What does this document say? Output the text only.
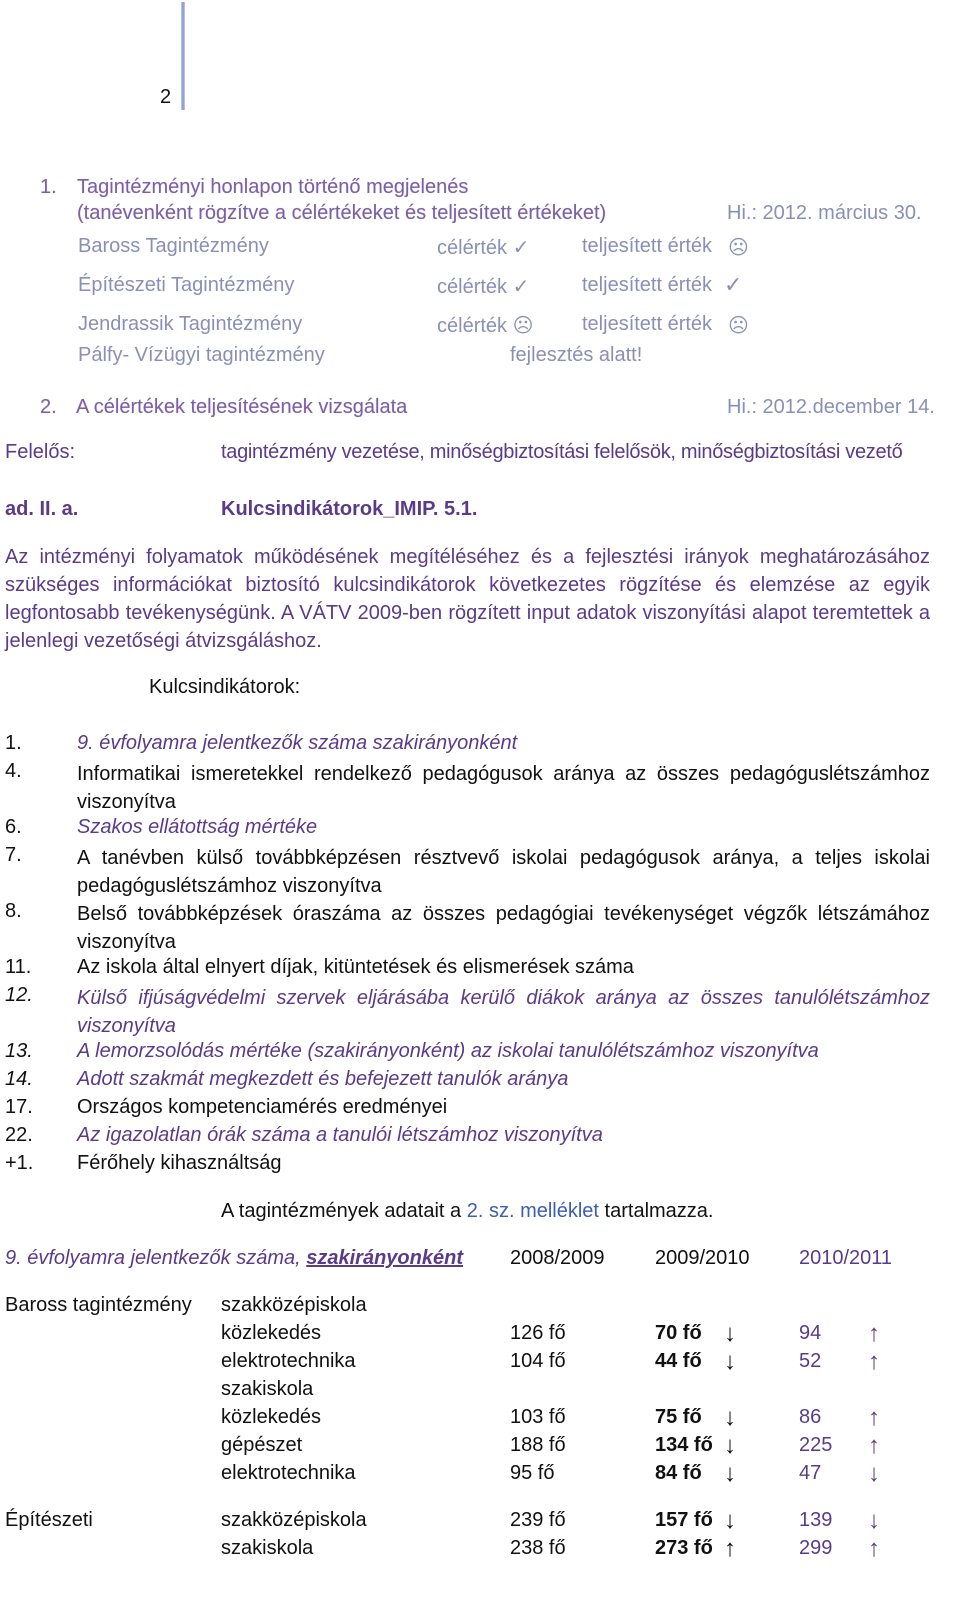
2
1. Tagintézményi honlapon történő megjelenés
(tanévenként rögzítve a célértékeket és teljesített értékeket)	Hi.: 2012. március 30.
Baross Tagintézmény	célérték ✓	teljesített érték ☹
Építészeti Tagintézmény	célérték ✓	teljesített érték ✓
Jendrassik Tagintézmény	célérték ☹ teljesített érték ☹
Pálfy- Vízügyi tagintézmény	fejlesztés alatt!
2. A célértékek teljesítésének vizsgálata	Hi.: 2012.december 14.
Felelős:	tagintézmény vezetése, minőségbiztosítási felelősök, minőségbiztosítási vezető
ad. II. a.	Kulcsindikátorok_IMIP. 5.1.
Az intézményi folyamatok működésének megítéléséhez és a fejlesztési irányok meghatározásához szükséges információkat biztosító kulcsindikátorok következetes rögzítése és elemzése az egyik legfontosabb tevékenységünk. A VÁTV 2009-ben rögzített input adatok viszonyítási alapot teremtettek a jelenlegi vezetőségi átvizsgáláshoz.
Kulcsindikátorok:
1.	9. évfolyamra jelentkezők száma szakirányonként
4.	Informatikai ismeretekkel rendelkező pedagógusok aránya az összes pedagóguslétszámhoz viszonyítva
6.	Szakos ellátottság mértéke
7.	A tanévben külső továbbképzésen résztvevő iskolai pedagógusok aránya, a teljes iskolai pedagóguslétszámhoz viszonyítva
8.	Belső továbbképzések óraszáma az összes pedagógiai tevékenységet végzők létszámához viszonyítva
11. Az iskola által elnyert díjak, kitüntetések és elismerések száma
12. Külső ifjúságvédelmi szervek eljárásába kerülő diákok aránya az összes tanulólétszámhoz viszonyítva
13. A lemorzsolódás mértéke (szakirányonként) az iskolai tanulólétszámhoz viszonyítva
14. Adott szakmát megkezdett és befejezett tanulók aránya
17. Országos kompetenciamérés eredményei
22. Az igazolatlan órák száma a tanulói létszámhoz viszonyítva
+1. Férőhely kihasználtság
A tagintézmények adatait a 2. sz. melléklet tartalmazza.
9. évfolyamra jelentkezők száma, szakirányonként 2008/2009	2009/2010 2010/2011
Baross tagintézmény szakközépiskola
közlekedés	126 fő	70 fő ↓	94 ↑
elektrotechnika	104 fő	44 fő ↓	52 ↑
szakiskola
közlekedés	103 fő	75 fő ↓	86 ↑
gépészet	188 fő	134 fő ↓	225 ↑
elektrotechnika	95 fő	84 fő ↓	47 ↓
Építészeti	szakközépiskola	239 fő	157 fő ↓	139 ↓
szakiskola	238 fő	273 fő ↑	299 ↑
